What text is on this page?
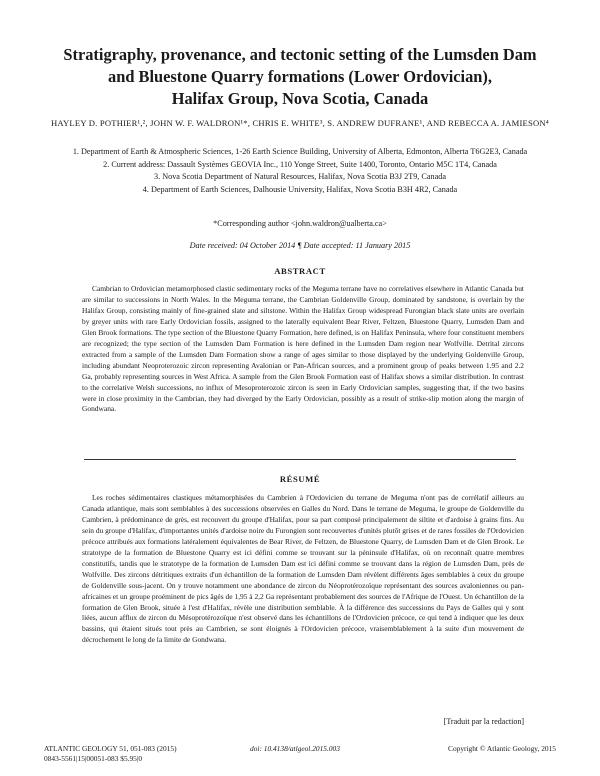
Stratigraphy, provenance, and tectonic setting of the Lumsden Dam
and Bluestone Quarry formations (Lower Ordovician),
Halifax Group, Nova Scotia, Canada
HAYLEY D. POTHIER¹,², JOHN W. F. WALDRON¹*, CHRIS E. WHITE³, S. ANDREW DUFRANE¹, AND REBECCA A. JAMIESON⁴
1. Department of Earth & Atmospheric Sciences, 1-26 Earth Science Building, University of Alberta, Edmonton, Alberta T6G2E3, Canada
2. Current address: Dassault Systèmes GEOVIA Inc., 110 Yonge Street, Suite 1400, Toronto, Ontario M5C 1T4, Canada
3. Nova Scotia Department of Natural Resources, Halifax, Nova Scotia B3J 2T9, Canada
4. Department of Earth Sciences, Dalhousie University, Halifax, Nova Scotia B3H 4R2, Canada
*Corresponding author <john.waldron@ualberta.ca>
Date received: 04 October 2014 ¶ Date accepted: 11 January 2015
ABSTRACT

Cambrian to Ordovician metamorphosed clastic sedimentary rocks of the Meguma terrane have no correlatives elsewhere in Atlantic Canada but are similar to successions in North Wales. In the Meguma terrane, the Cambrian Goldenville Group, dominated by sandstone, is overlain by the Halifax Group, consisting mainly of fine-grained slate and siltstone. Within the Halifax Group widespread Furongian black slate units are overlain by greyer units with rare Early Ordovician fossils, assigned to the laterally equivalent Bear River, Feltzen, Bluestone Quarry, Lumsden Dam and Glen Brook formations. The type section of the Bluestone Quarry Formation, here defined, is on Halifax Peninsula, where four constituent members are recognized; the type section of the Lumsden Dam Formation is here defined in the Lumsden Dam region near Wolfville. Detrital zircons extracted from a sample of the Lumsden Dam Formation show a range of ages similar to those displayed by the underlying Goldenville Group, including abundant Neoproterozoic zircon representing Avalonian or Pan-African sources, and a prominent group of peaks between 1.95 and 2.2 Ga, probably representing sources in West Africa. A sample from the Glen Brook Formation east of Halifax shows a similar distribution. In contrast to the correlative Welsh successions, no influx of Mesoproterozoic zircon is seen in Early Ordovician samples, suggesting that, if the two basins were in close proximity in the Cambrian, they had diverged by the Early Ordovician, possibly as a result of strike-slip motion along the margin of Gondwana.

RÉSUMÉ

Les roches sédimentaires clastiques métamorphisées du Cambrien à l'Ordovicien du terrane de Meguma n'ont pas de corrélatif ailleurs au Canada atlantique, mais sont semblables à des successions observées en Galles du Nord. Dans le terrane de Meguma, le groupe de Goldenville du Cambrien, à prédominance de grès, est recouvert du groupe d'Halifax, pour sa part composé principalement de siltite et d'ardoise à grains fins. Au sein du groupe d'Halifax, d'importantes unités d'ardoise noire du Furongien sont recouvertes d'unités plutôt grises et de rares fossiles de l'Ordovicien précoce attribués aux formations latéralement équivalentes de Bear River, de Feltzen, de Bluestone Quarry, de Lumsden Dam et de Glen Brook. Le stratotype de la formation de Bluestone Quarry est ici défini comme se trouvant sur la péninsule d'Halifax, où on reconnaît quatre membres constitutifs, tandis que le stratotype de la formation de Lumsden Dam est ici défini comme se trouvant dans la région de Lumsden Dam, près de Wolfville. Des zircons détritiques extraits d'un échantillon de la formation de Lumsden Dam révèlent différents âges semblables à ceux du groupe de Goldenville sous-jacent. On y trouve notamment une abondance de zircon du Néoprotérozoïque représentant des sources avaloniennes ou pan-africaines et un groupe proéminent de pics âgés de 1,95 à 2,2 Ga représentant probablement des sources de l'Afrique de l'Ouest. Un échantillon de la formation de Glen Brook, située à l'est d'Halifax, révèle une distribution semblable. À la différence des successions du Pays de Galles qui y sont liées, aucun afflux de zircon du Mésoprotérozoïque n'est observé dans les échantillons de l'Ordovicien précoce, ce qui tend à indiquer que les deux bassins, qui étaient situés tout près au Cambrien, se sont éloignés à l'Ordovicien précoce, vraisemblablement à la suite d'un mouvement de décrochement le long de la limite de Gondwana.

[Traduit par la redaction]
ATLANTIC GEOLOGY 51, 051-083 (2015)
0843-5561|15|00051-083 $5.95|0
doi: 10.4138/atlgeol.2015.003	Copyright © Atlantic Geology, 2015
